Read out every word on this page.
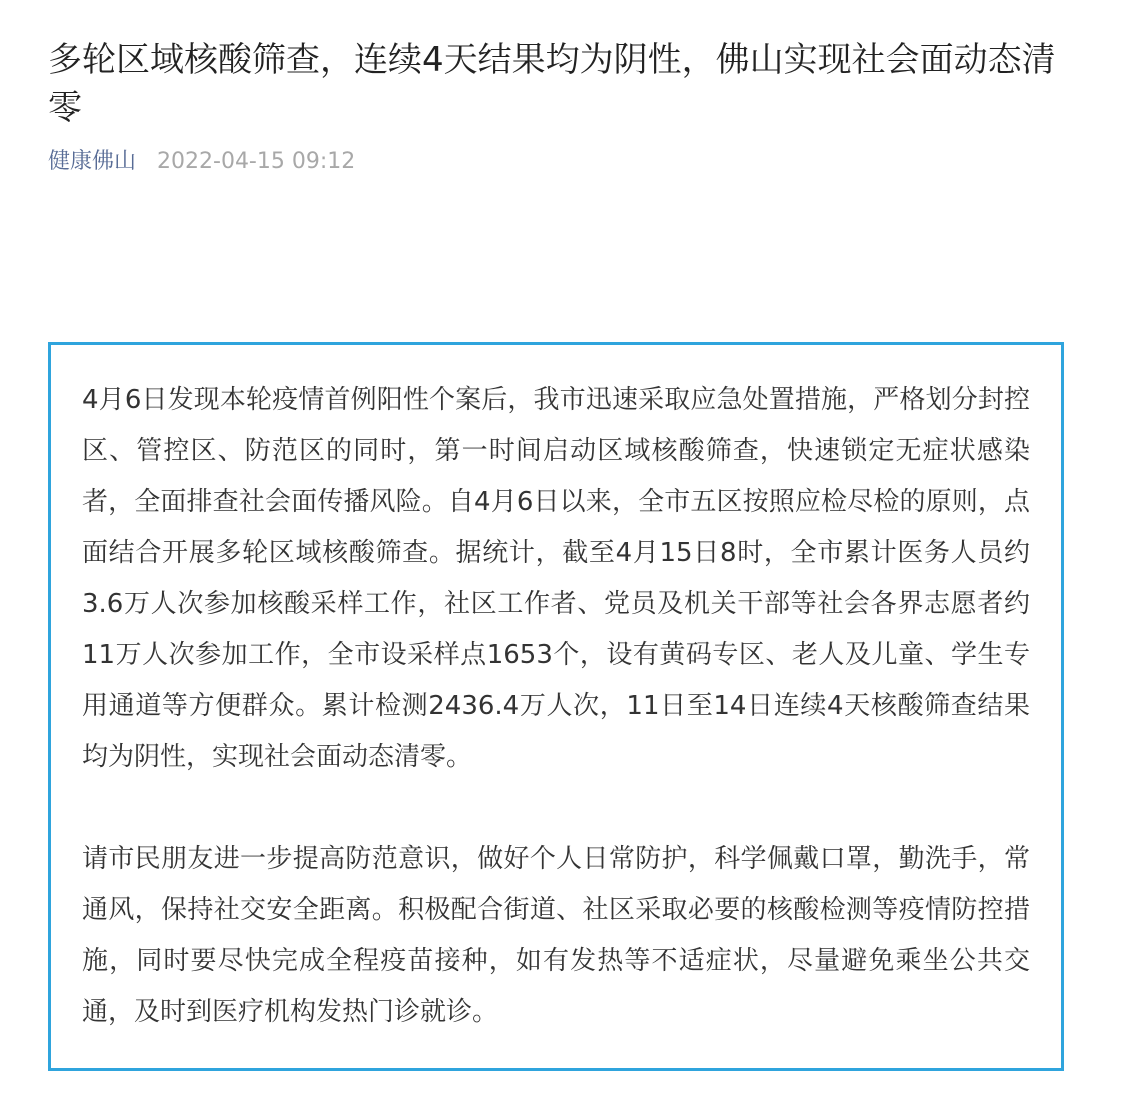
多轮区域核酸筛查，连续4天结果均为阴性，佛山实现社会面动态清零
健康佛山 2022-04-15 09:12

4月6日发现本轮疫情首例阳性个案后，我市迅速采取应急处置措施，严格划分封控区、管控区、防范区的同时，第一时间启动区域核酸筛查，快速锁定无症状感染者，全面排查社会面传播风险。自4月6日以来，全市五区按照应检尽检的原则，点面结合开展多轮区域核酸筛查。据统计，截至4月15日8时，全市累计医务人员约3.6万人次参加核酸采样工作，社区工作者、党员及机关干部等社会各界志愿者约11万人次参加工作，全市设采样点1653个，设有黄码专区、老人及儿童、学生专用通道等方便群众。累计检测2436.4万人次，11日至14日连续4天核酸筛查结果均为阴性，实现社会面动态清零。

请市民朋友进一步提高防范意识，做好个人日常防护，科学佩戴口罩，勤洗手，常通风，保持社交安全距离。积极配合街道、社区采取必要的核酸检测等疫情防控措施，同时要尽快完成全程疫苗接种，如有发热等不适症状，尽量避免乘坐公共交通，及时到医疗机构发热门诊就诊。
